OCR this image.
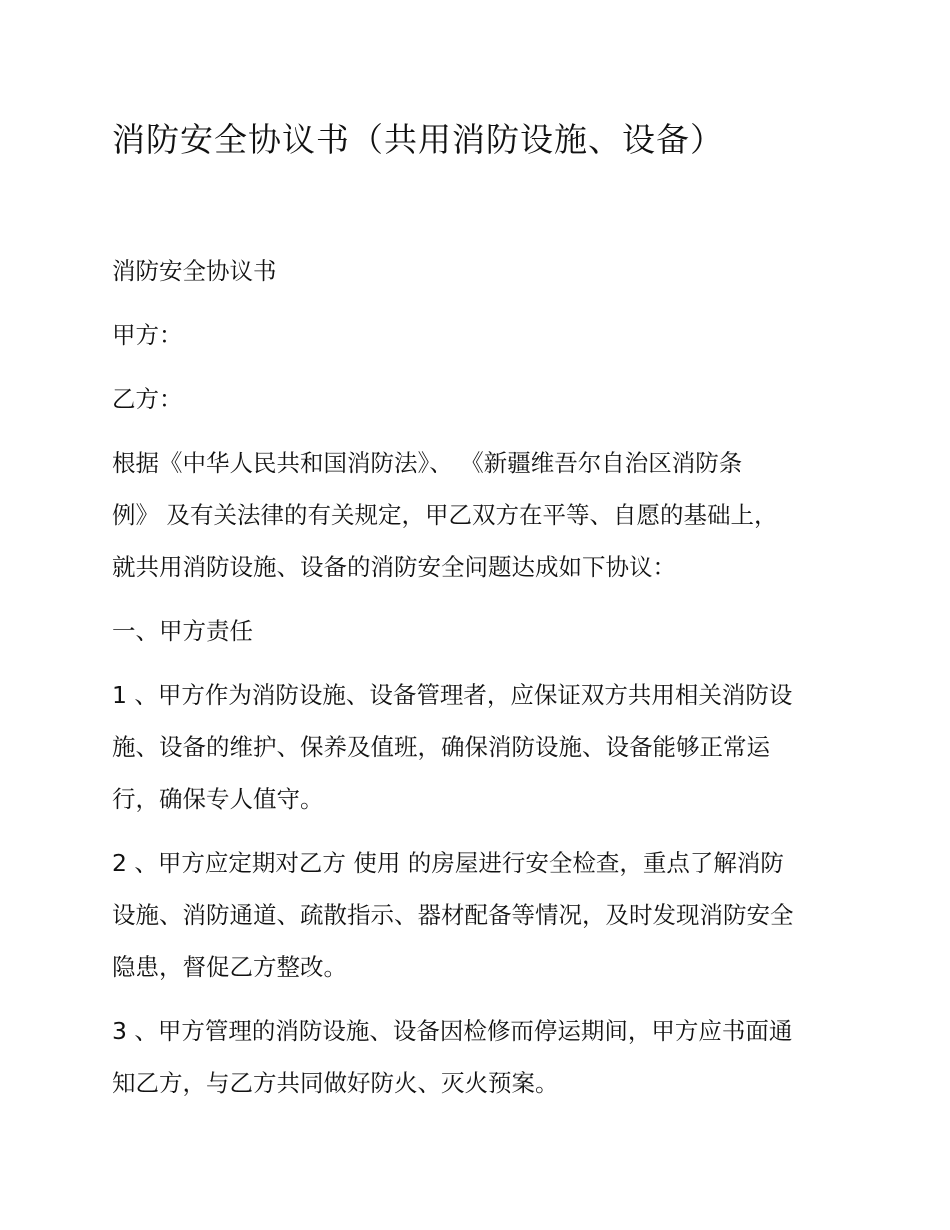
消防安全协议书（共用消防设施、设备）

消防安全协议书

甲方：

乙方：

根据《中华人民共和国消防法》、 《新疆维吾尔自治区消防条
例》 及有关法律的有关规定，甲乙双方在平等、自愿的基础上，
就共用消防设施、设备的消防安全问题达成如下协议：

一、甲方责任

1 、甲方作为消防设施、设备管理者，应保证双方共用相关消防设
施、设备的维护、保养及值班，确保消防设施、设备能够正常运
行，确保专人值守。
2 、甲方应定期对乙方 使用 的房屋进行安全检查，重点了解消防
设施、消防通道、疏散指示、器材配备等情况，及时发现消防安全
隐患，督促乙方整改。
3 、甲方管理的消防设施、设备因检修而停运期间，甲方应书面通
知乙方，与乙方共同做好防火、灭火预案。
